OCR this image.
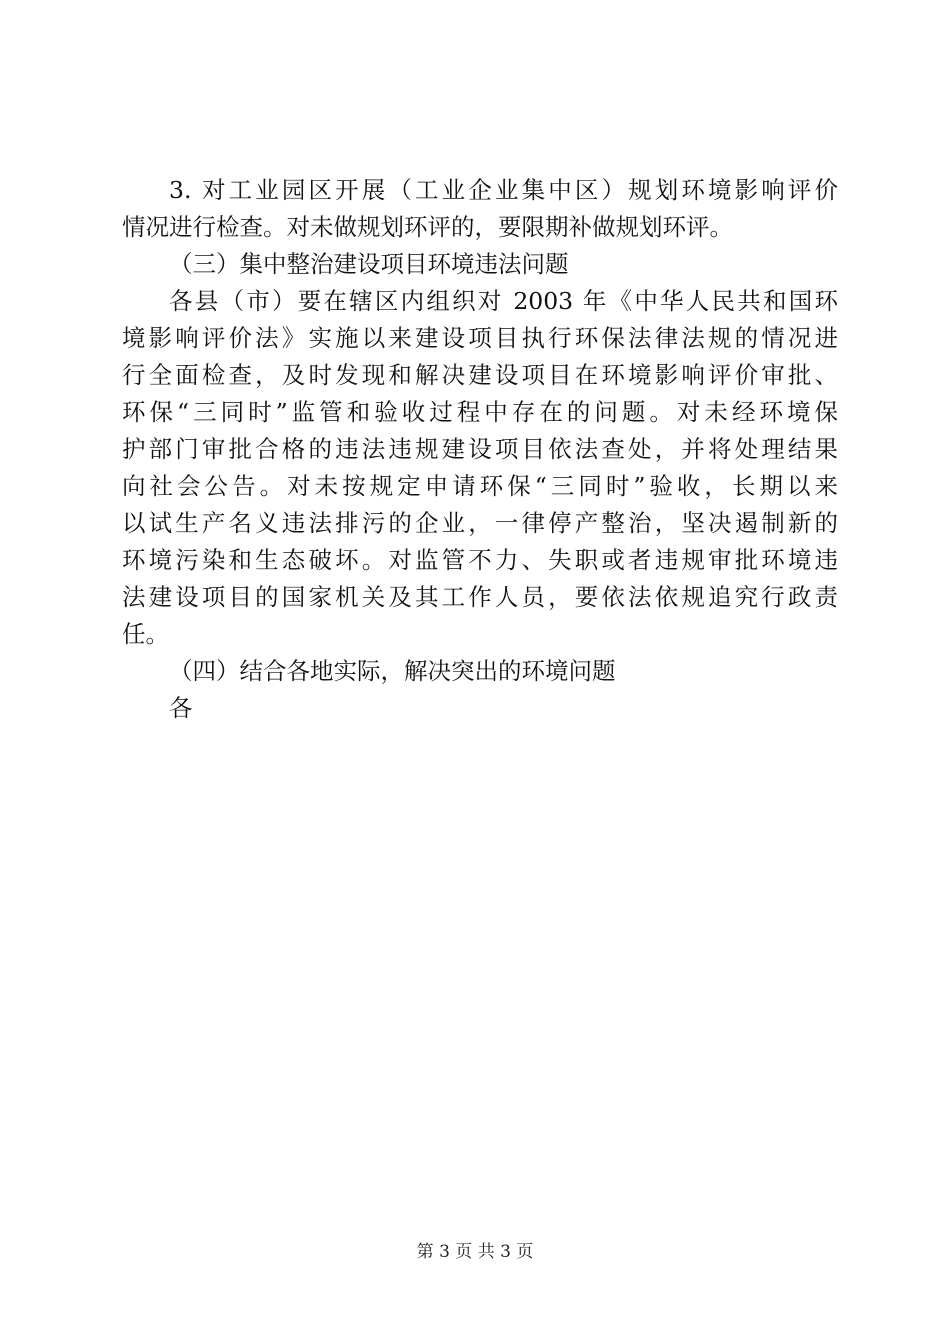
3. 对工业园区开展（工业企业集中区）规划环境影响评价
情况进行检查。对未做规划环评的，要限期补做规划环评。
（三）集中整治建设项目环境违法问题
各县（市）要在辖区内组织对 2003 年《中华人民共和国环
境影响评价法》实施以来建设项目执行环保法律法规的情况进
行全面检查，及时发现和解决建设项目在环境影响评价审批、
环保“三同时”监管和验收过程中存在的问题。对未经环境保
护部门审批合格的违法违规建设项目依法查处，并将处理结果
向社会公告。对未按规定申请环保“三同时”验收，长期以来
以试生产名义违法排污的企业，一律停产整治，坚决遏制新的
环境污染和生态破坏。对监管不力、失职或者违规审批环境违
法建设项目的国家机关及其工作人员，要依法依规追究行政责
任。
（四）结合各地实际，解决突出的环境问题
各
第 3 页 共 3 页
